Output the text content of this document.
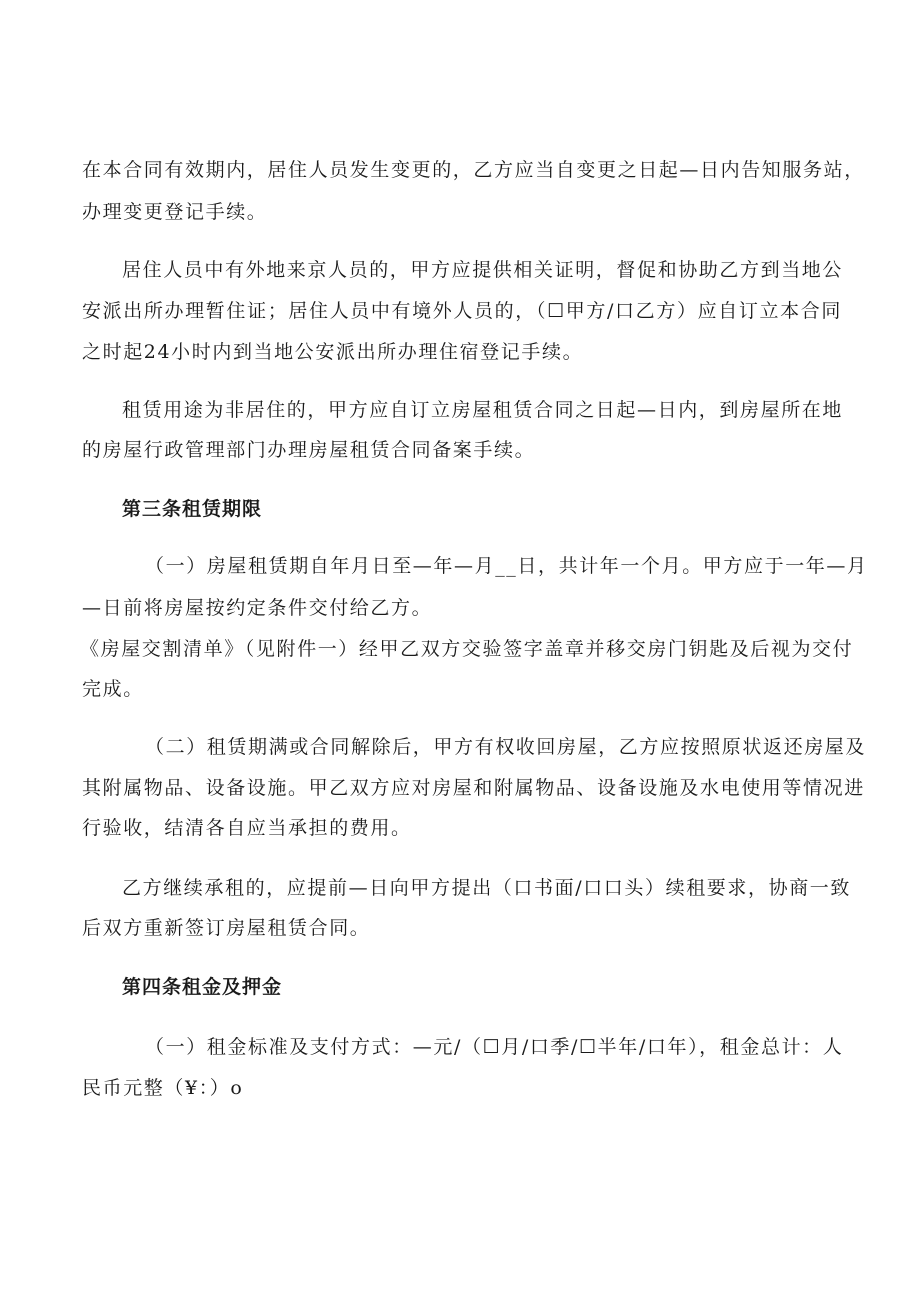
在本合同有效期内，居住人员发生变更的，乙方应当自变更之日起—日内告知服务站，
办理变更登记手续。
居住人员中有外地来京人员的，甲方应提供相关证明，督促和协助乙方到当地公
安派出所办理暂住证；居住人员中有境外人员的，（☐甲方/口乙方）应自订立本合同
之时起24小时内到当地公安派出所办理住宿登记手续。
租赁用途为非居住的，甲方应自订立房屋租赁合同之日起—日内，到房屋所在地
的房屋行政管理部门办理房屋租赁合同备案手续。
第三条租赁期限
（一）房屋租赁期自年月日至—年—月__日，共计年一个月。甲方应于一年—月
—日前将房屋按约定条件交付给乙方。
《房屋交割清单》（见附件一）经甲乙双方交验签字盖章并移交房门钥匙及后视为交付
完成。
（二）租赁期满或合同解除后，甲方有权收回房屋，乙方应按照原状返还房屋及
其附属物品、设备设施。甲乙双方应对房屋和附属物品、设备设施及水电使用等情况进
行验收，结清各自应当承担的费用。
乙方继续承租的，应提前—日向甲方提出（口书面/口口头）续租要求，协商一致
后双方重新签订房屋租赁合同。
第四条租金及押金
（一）租金标准及支付方式：—元/（☐月/口季/☐半年/口年），租金总计：人
民币元整（¥：）o
